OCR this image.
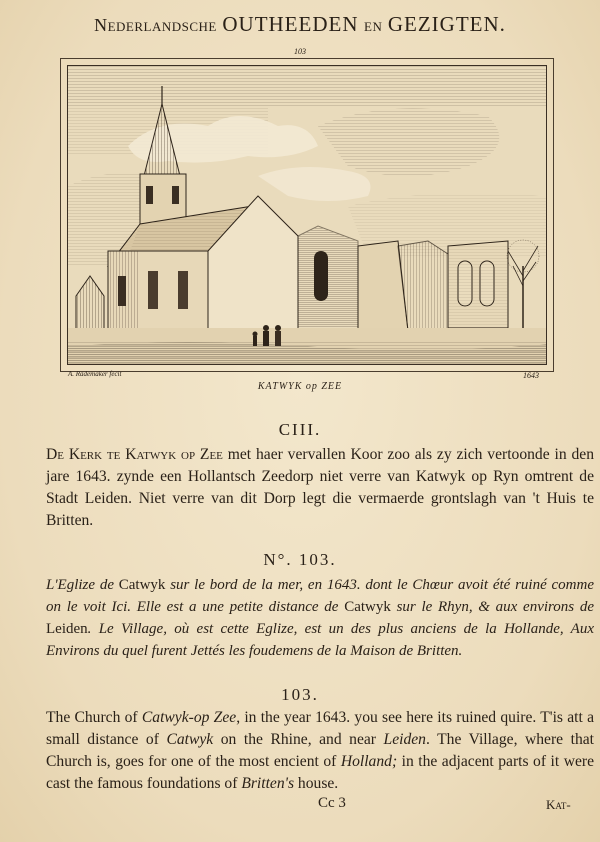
Nederlandsche OUTHEEDEN en GEZIGTEN.
103
A. Rademaker fecit	1643
KATWYK op ZEE
CIII.
De Kerk te Katwyk op Zee met haer vervallen Koor zoo als zy zich vertoonde in den jare 1643. zynde een Hollantsch Zeedorp niet verre van Katwyk op Ryn omtrent de Stadt Leiden. Niet verre van dit Dorp legt die vermaerde grontslagh van 't Huis te Britten.
N°. 103.
L'Eglize de Catwyk sur le bord de la mer, en 1643. dont le Chœur avoit été ruiné comme on le voit Ici. Elle est a une petite distance de Catwyk sur le Rhyn, & aux environs de Leiden. Le Village, où est cette Eglize, est un des plus anciens de la Hollande, Aux Environs du quel furent Jettés les foudemens de la Maison de Britten.
103.
The Church of Catwyk-op Zee, in the year 1643. you see here its ruined quire. T'is att a small distance of Catwyk on the Rhine, and near Leiden. The Village, where that Church is, goes for one of the most encient of Holland; in the adjacent parts of it were cast the famous foundations of Britten's house.
Cc 3	Kat-
